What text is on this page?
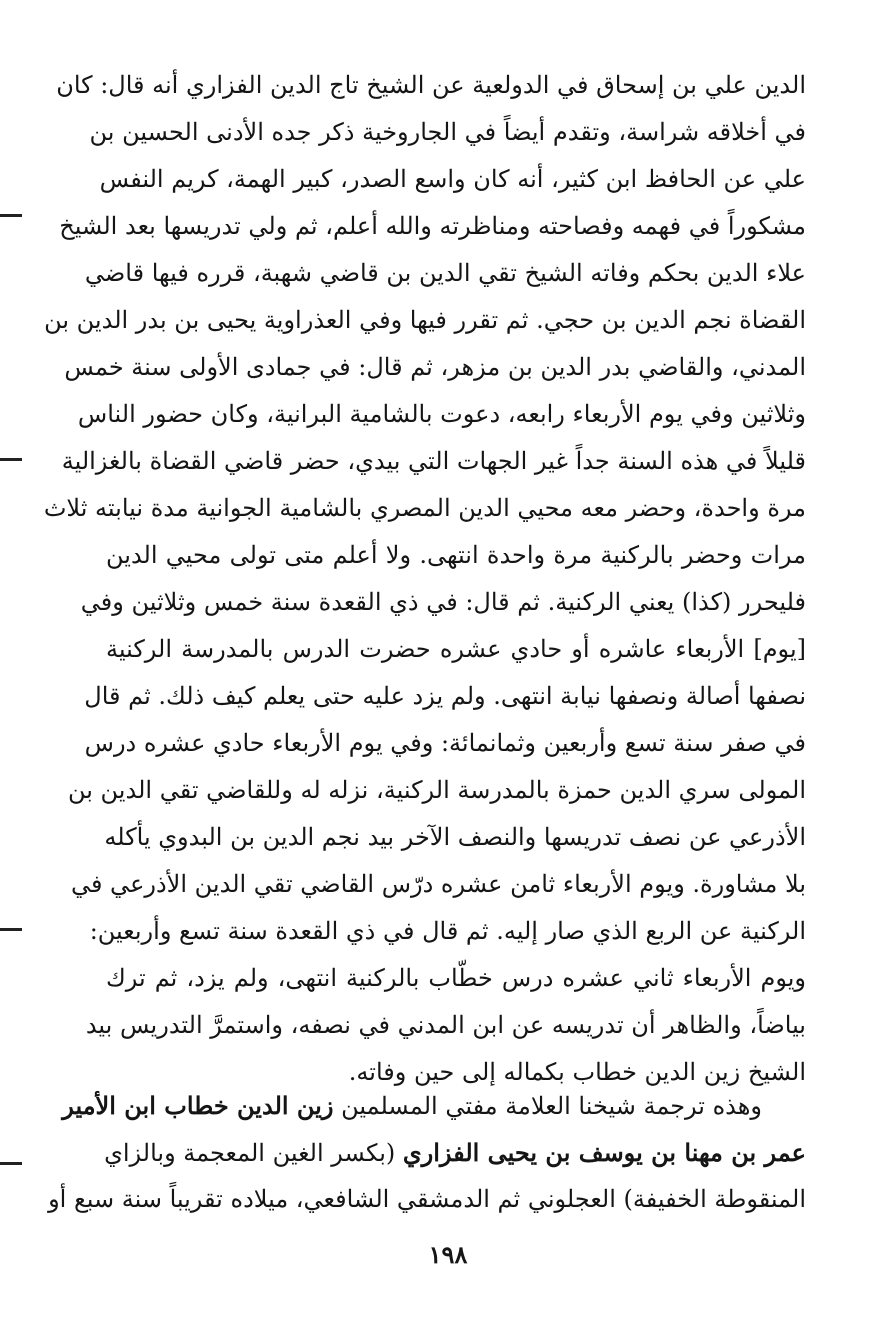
الدين علي بن إسحاق في الدولعية عن الشيخ تاج الدين الفزاري أنه قال: كان
في أخلاقه شراسة، وتقدم أيضاً في الجاروخية ذكر جده الأدنى الحسين بن
علي عن الحافظ ابن كثير، أنه كان واسع الصدر، كبير الهمة، كريم النفس
مشكوراً في فهمه وفصاحته ومناظرته والله أعلم، ثم ولي تدريسها بعد الشيخ
علاء الدين بحكم وفاته الشيخ تقي الدين بن قاضي شهبة، قرره فيها قاضي
القضاة نجم الدين بن حجي. ثم تقرر فيها وفي العذراوية يحيى بن بدر الدين بن
المدني، والقاضي بدر الدين بن مزهر، ثم قال: في جمادى الأولى سنة خمس
وثلاثين وفي يوم الأربعاء رابعه، دعوت بالشامية البرانية، وكان حضور الناس
قليلاً في هذه السنة جداً غير الجهات التي بيدي، حضر قاضي القضاة بالغزالية
مرة واحدة، وحضر معه محيي الدين المصري بالشامية الجوانية مدة نيابته ثلاث
مرات وحضر بالركنية مرة واحدة انتهى. ولا أعلم متى تولى محيي الدين
فليحرر (كذا) يعني الركنية. ثم قال: في ذي القعدة سنة خمس وثلاثين وفي
[يوم] الأربعاء عاشره أو حادي عشره حضرت الدرس بالمدرسة الركنية
نصفها أصالة ونصفها نيابة انتهى. ولم يزد عليه حتى يعلم كيف ذلك. ثم قال
في صفر سنة تسع وأربعين وثمانمائة: وفي يوم الأربعاء حادي عشره درس
المولى سري الدين حمزة بالمدرسة الركنية، نزله له وللقاضي تقي الدين بن
الأذرعي عن نصف تدريسها والنصف الآخر بيد نجم الدين بن البدوي يأكله
بلا مشاورة. ويوم الأربعاء ثامن عشره درّس القاضي تقي الدين الأذرعي في
الركنية عن الربع الذي صار إليه. ثم قال في ذي القعدة سنة تسع وأربعين:
ويوم الأربعاء ثاني عشره درس خطّاب بالركنية انتهى، ولم يزد، ثم ترك
بياضاً، والظاهر أن تدريسه عن ابن المدني في نصفه، واستمرَّ التدريس بيد
الشيخ زين الدين خطاب بكماله إلى حين وفاته.
وهذه ترجمة شيخنا العلامة مفتي المسلمين زين الدين خطاب ابن الأمير
عمر بن مهنا بن يوسف بن يحيى الفزاري (بكسر الغين المعجمة وبالزاي
المنقوطة الخفيفة) العجلوني ثم الدمشقي الشافعي، ميلاده تقريباً سنة سبع أو
١٩٨
